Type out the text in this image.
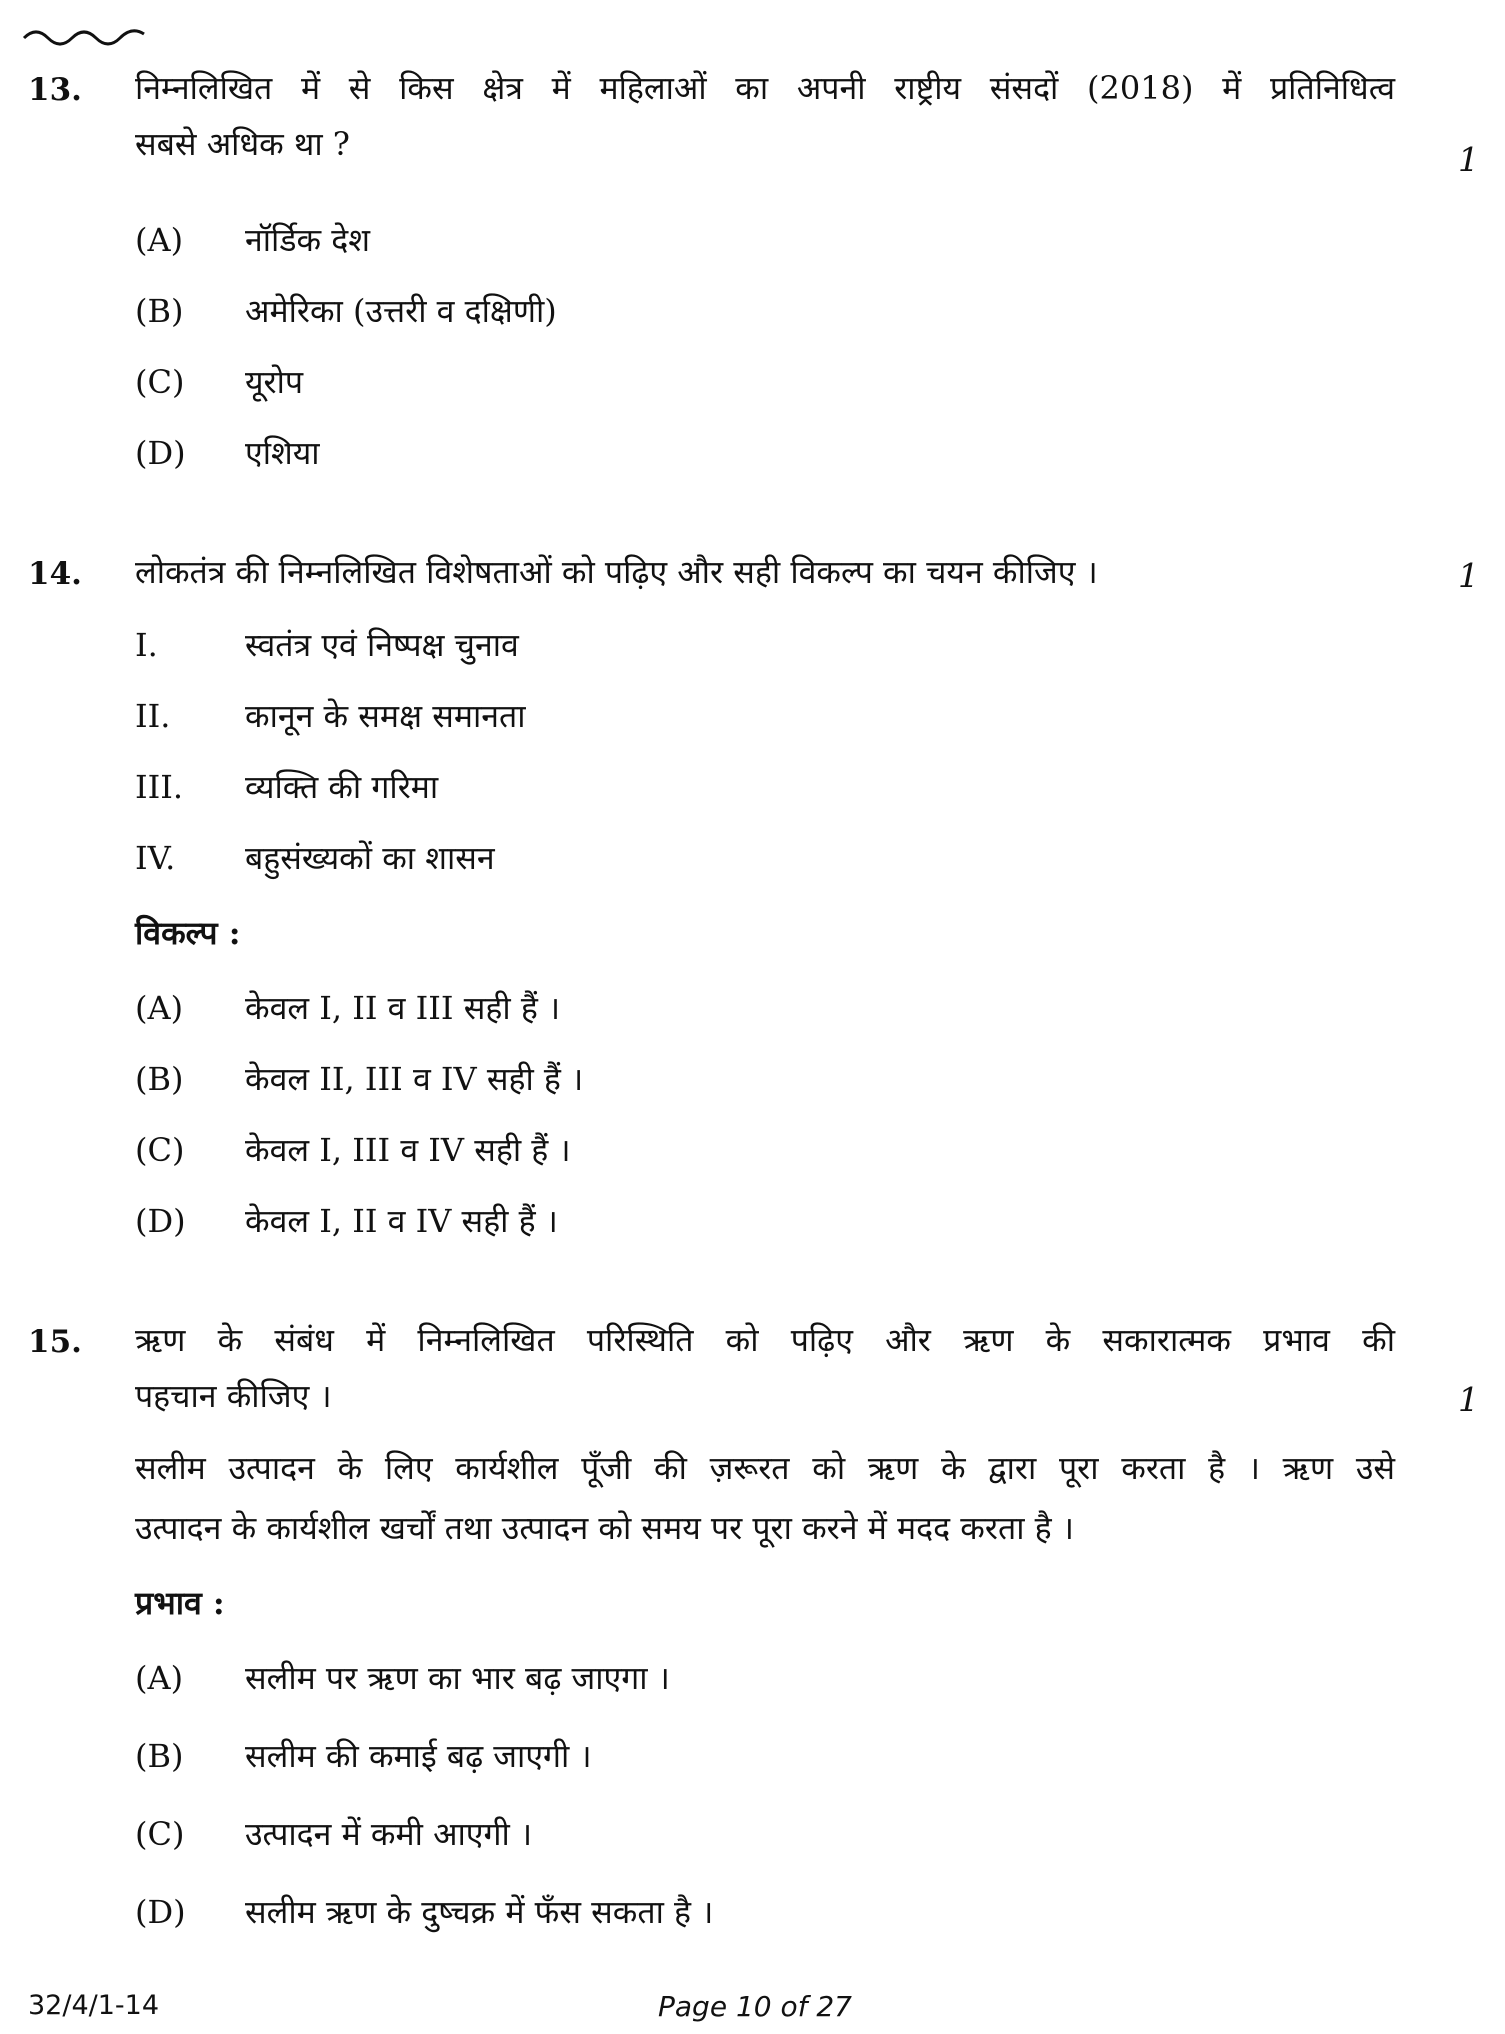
13. निम्नलिखित में से किस क्षेत्र में महिलाओं का अपनी राष्ट्रीय संसदों (2018) में प्रतिनिधित्व
सबसे अधिक था ?	1
(A) नॉर्डिक देश
(B) अमेरिका (उत्तरी व दक्षिणी)
(C) यूरोप
(D) एशिया
14. लोकतंत्र की निम्नलिखित विशेषताओं को पढ़िए और सही विकल्प का चयन कीजिए ।	1
I.	स्वतंत्र एवं निष्पक्ष चुनाव
II. कानून के समक्ष समानता
III. व्यक्ति की गरिमा
IV. बहुसंख्यकों का शासन
विकल्प :
(A) केवल I, II व III सही हैं ।
(B) केवल II, III व IV सही हैं ।
(C) केवल I, III व IV सही हैं ।
(D) केवल I, II व IV सही हैं ।
15. ऋण के संबंध में निम्नलिखित परिस्थिति को पढ़िए और ऋण के सकारात्मक प्रभाव की
पहचान कीजिए ।	1
सलीम उत्पादन के लिए कार्यशील पूँजी की ज़रूरत को ऋण के द्वारा पूरा करता है । ऋण उसे
उत्पादन के कार्यशील खर्चों तथा उत्पादन को समय पर पूरा करने में मदद करता है ।
प्रभाव :
(A) सलीम पर ऋण का भार बढ़ जाएगा ।
(B) सलीम की कमाई बढ़ जाएगी ।
(C) उत्पादन में कमी आएगी ।
(D) सलीम ऋण के दुष्चक्र में फँस सकता है ।
32/4/1-14	Page 10 of 27
